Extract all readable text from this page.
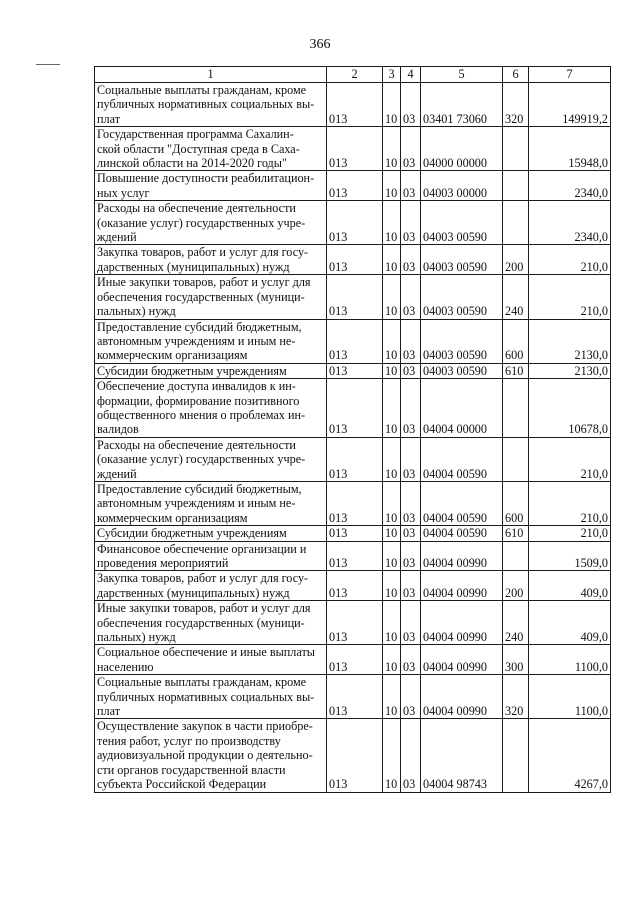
366
1	2	3	4	5	6	7
Социальные выплаты гражданам, кроме
публичных нормативных социальных вы-
плат	013	10	03	03401 73060	320	149919,2
Государственная программа Сахалин-
ской области "Доступная среда в Саха-
линской области на 2014-2020 годы"	013	10	03	04000 00000		15948,0
Повышение доступности реабилитацион-
ных услуг	013	10	03	04003 00000		2340,0
Расходы на обеспечение деятельности
(оказание услуг) государственных учре-
ждений	013	10	03	04003 00590		2340,0
Закупка товаров, работ и услуг для госу-
дарственных (муниципальных) нужд	013	10	03	04003 00590	200	210,0
Иные закупки товаров, работ и услуг для
обеспечения государственных (муници-
пальных) нужд	013	10	03	04003 00590	240	210,0
Предоставление субсидий бюджетным,
автономным учреждениям и иным не-
коммерческим организациям	013	10	03	04003 00590	600	2130,0
Субсидии бюджетным учреждениям	013	10	03	04003 00590	610	2130,0
Обеспечение доступа инвалидов к ин-
формации, формирование позитивного
общественного мнения о проблемах ин-
валидов	013	10	03	04004 00000		10678,0
Расходы на обеспечение деятельности
(оказание услуг) государственных учре-
ждений	013	10	03	04004 00590		210,0
Предоставление субсидий бюджетным,
автономным учреждениям и иным не-
коммерческим организациям	013	10	03	04004 00590	600	210,0
Субсидии бюджетным учреждениям	013	10	03	04004 00590	610	210,0
Финансовое обеспечение организации и
проведения мероприятий	013	10	03	04004 00990		1509,0
Закупка товаров, работ и услуг для госу-
дарственных (муниципальных) нужд	013	10	03	04004 00990	200	409,0
Иные закупки товаров, работ и услуг для
обеспечения государственных (муници-
пальных) нужд	013	10	03	04004 00990	240	409,0
Социальное обеспечение и иные выплаты
населению	013	10	03	04004 00990	300	1100,0
Социальные выплаты гражданам, кроме
публичных нормативных социальных вы-
плат	013	10	03	04004 00990	320	1100,0
Осуществление закупок в части приобре-
тения работ, услуг по производству
аудиовизуальной продукции о деятельно-
сти органов государственной власти
субъекта Российской Федерации	013	10	03	04004 98743		4267,0
